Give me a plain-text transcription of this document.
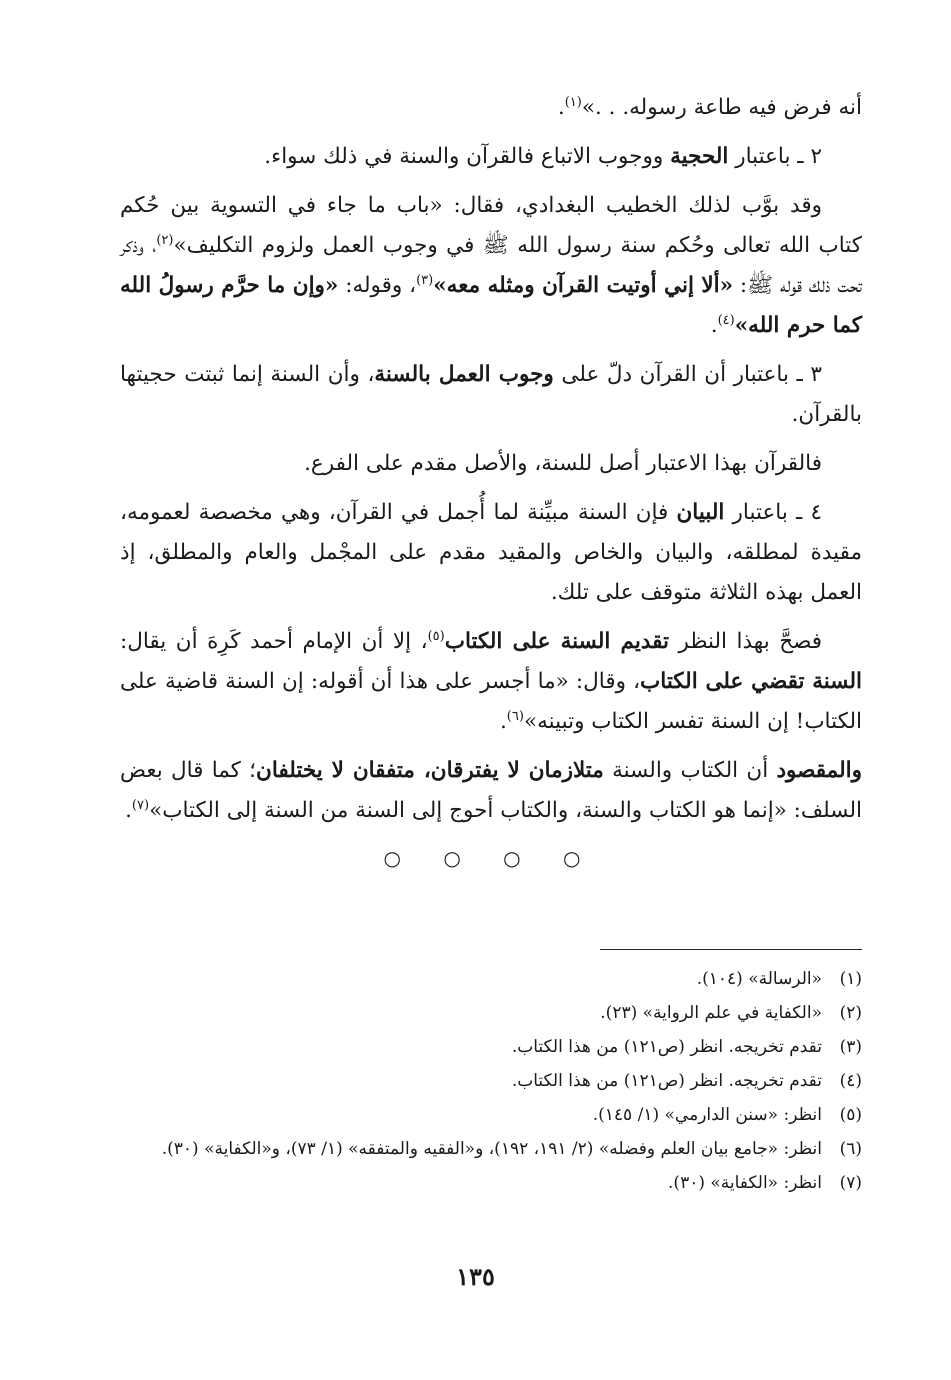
أنه فرض فيه طاعة رسوله. . .»$^{(١)}$.

٢ ـ باعتبار الحجية ووجوب الاتباع فالقرآن والسنة في ذلك سواء.

وقد بوَّب لذلك الخطيب البغدادي، فقال: «باب ما جاء في التسوية بين حُكم كتاب الله تعالى وحُكم سنة رسول الله ﷺ في وجوب العمل ولزوم التكليف»$^{(٢)}$، وذكر تحت ذلك قوله ﷺ: «ألا إني أوتيت القرآن ومثله معه»$^{(٣)}$، وقوله: «وإن ما حرَّم رسولُ الله كما حرم الله»$^{(٤)}$.

٣ ـ باعتبار أن القرآن دلّ على وجوب العمل بالسنة، وأن السنة إنما ثبتت حجيتها بالقرآن.

فالقرآن بهذا الاعتبار أصل للسنة، والأصل مقدم على الفرع.

٤ ـ باعتبار البيان فإن السنة مبيِّنة لما أُجمل في القرآن، وهي مخصصة لعمومه، مقيدة لمطلقه، والبيان والخاص والمقيد مقدم على المجْمل والعام والمطلق، إذ العمل بهذه الثلاثة متوقف على تلك.

فصحَّ بهذا النظر تقديم السنة على الكتاب$^{(٥)}$، إلا أن الإمام أحمد كَرِهَ أن يقال: السنة تقضي على الكتاب، وقال: «ما أجسر على هذا أن أقوله: إن السنة قاضية على الكتاب! إن السنة تفسر الكتاب وتبينه»$^{(٦)}$.

والمقصود أن الكتاب والسنة متلازمان لا يفترقان، متفقان لا يختلفان؛ كما قال بعض السلف: «إنما هو الكتاب والسنة، والكتاب أحوج إلى السنة من السنة إلى الكتاب»$^{(٧)}$.

○ ○ ○ ○
(١)
«الرسالة» (١٠٤).
(٢)
«الكفاية في علم الرواية» (٢٣).
(٣)
تقدم تخريجه. انظر (ص١٢١) من هذا الكتاب.
(٤)
تقدم تخريجه. انظر (ص١٢١) من هذا الكتاب.
(٥)
انظر: «سنن الدارمي» (١/ ١٤٥).
(٦)
انظر: «جامع بيان العلم وفضله» (٢/ ١٩١، ١٩٢)، و«الفقيه والمتفقه» (١/ ٧٣)، و«الكفاية» (٣٠).
(٧)
انظر: «الكفاية» (٣٠).
١٣٥
